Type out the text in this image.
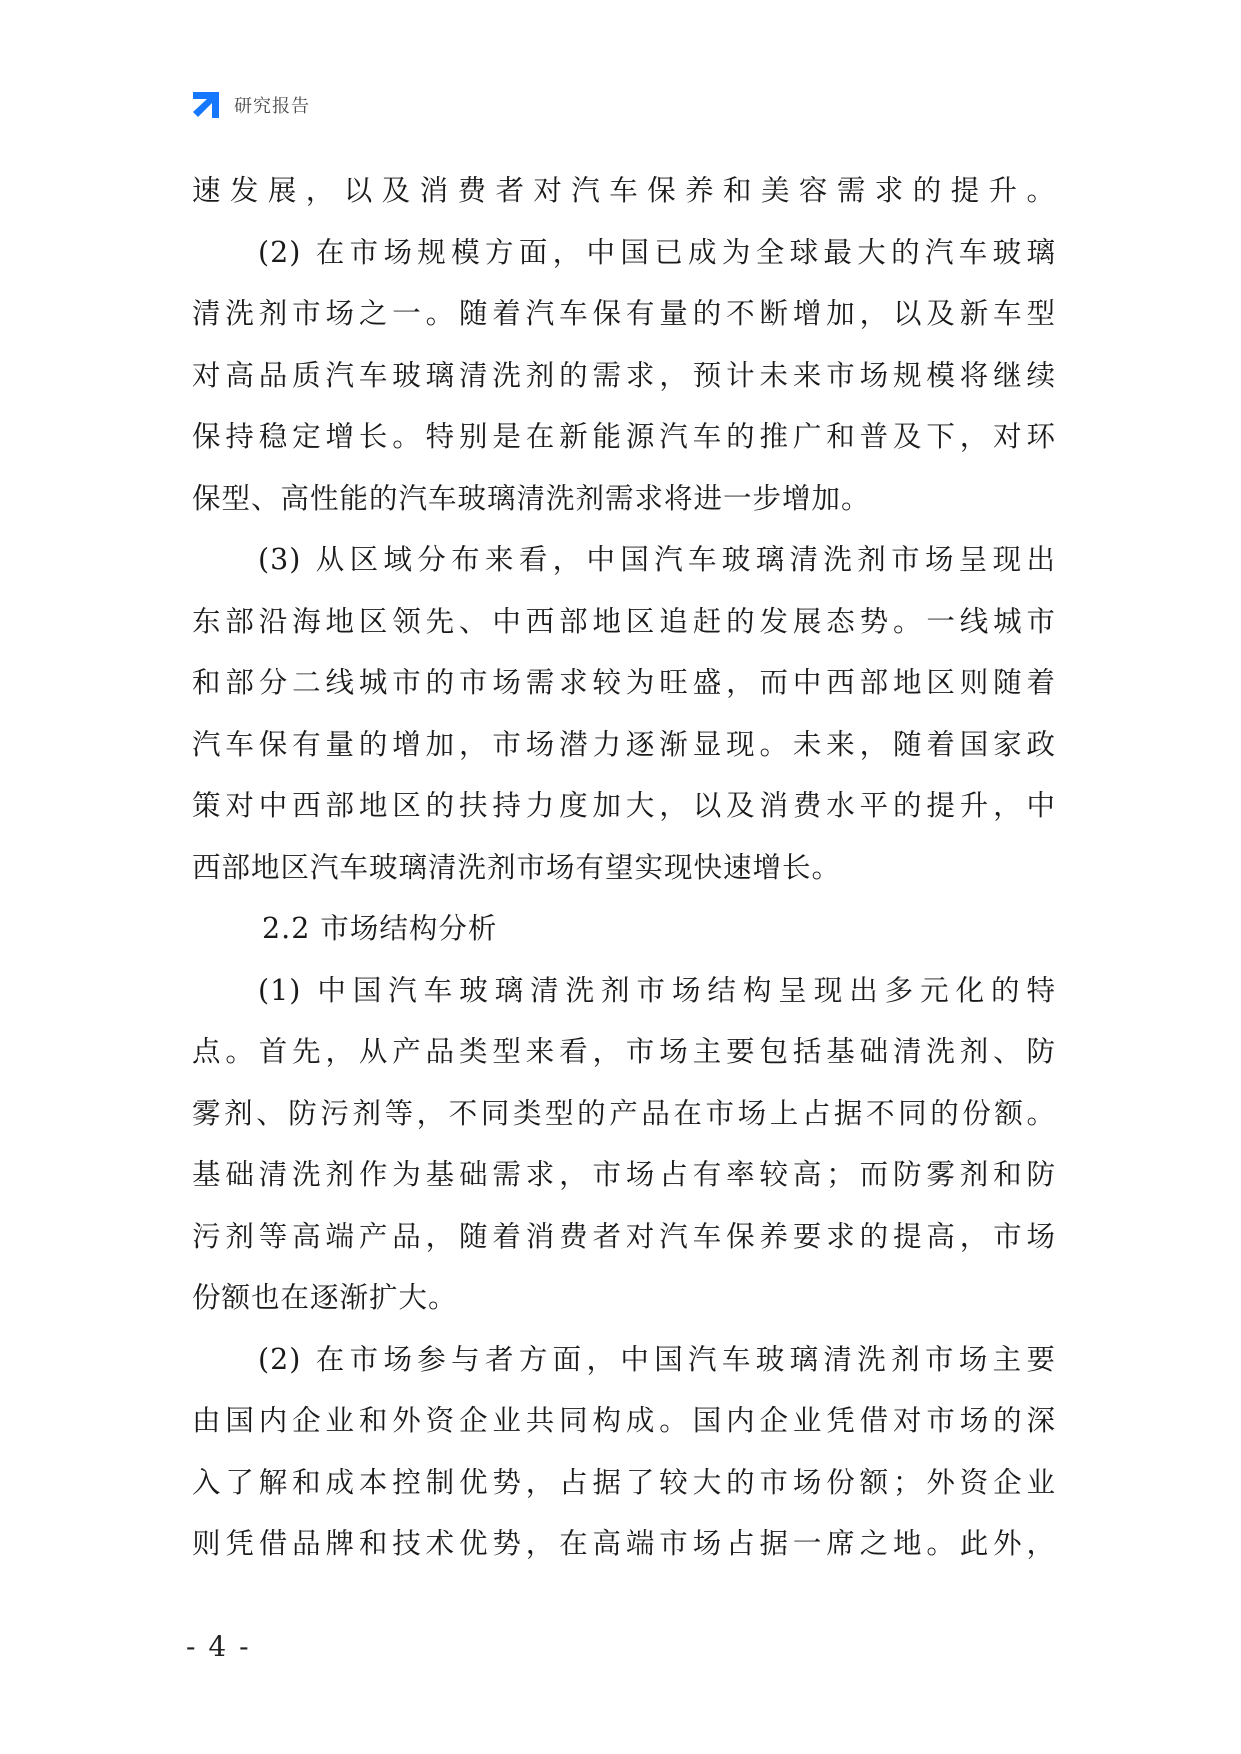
研究报告
速发展，以及消费者对汽车保养和美容需求的提升。
(2) 在市场规模方面，中国已成为全球最大的汽车玻璃
清洗剂市场之一。随着汽车保有量的不断增加，以及新车型
对高品质汽车玻璃清洗剂的需求，预计未来市场规模将继续
保持稳定增长。特别是在新能源汽车的推广和普及下，对环
保型、高性能的汽车玻璃清洗剂需求将进一步增加。
(3) 从区域分布来看，中国汽车玻璃清洗剂市场呈现出
东部沿海地区领先、中西部地区追赶的发展态势。一线城市
和部分二线城市的市场需求较为旺盛，而中西部地区则随着
汽车保有量的增加，市场潜力逐渐显现。未来，随着国家政
策对中西部地区的扶持力度加大，以及消费水平的提升，中
西部地区汽车玻璃清洗剂市场有望实现快速增长。
2.2 市场结构分析
(1) 中国汽车玻璃清洗剂市场结构呈现出多元化的特
点。首先，从产品类型来看，市场主要包括基础清洗剂、防
雾剂、防污剂等，不同类型的产品在市场上占据不同的份额。
基础清洗剂作为基础需求，市场占有率较高；而防雾剂和防
污剂等高端产品，随着消费者对汽车保养要求的提高，市场
份额也在逐渐扩大。
(2) 在市场参与者方面，中国汽车玻璃清洗剂市场主要
由国内企业和外资企业共同构成。国内企业凭借对市场的深
入了解和成本控制优势，占据了较大的市场份额；外资企业
则凭借品牌和技术优势，在高端市场占据一席之地。此外，
- 4 -
